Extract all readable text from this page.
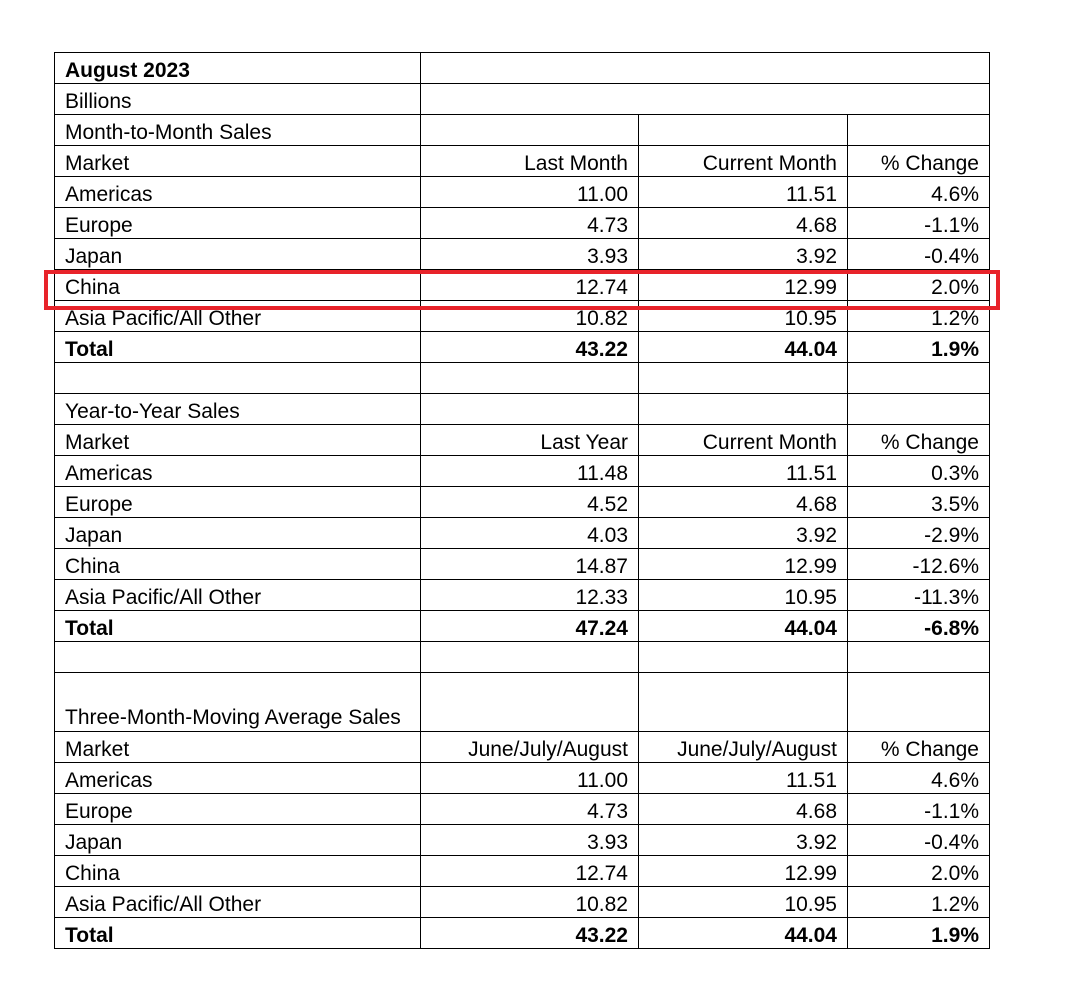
August 2023			
Billions			
Month-to-Month Sales			
Market	Last Month	Current Month	% Change
Americas	11.00	11.51	4.6%
Europe	4.73	4.68	-1.1%
Japan	3.93	3.92	-0.4%
China	12.74	12.99	2.0%
Asia Pacific/All Other	10.82	10.95	1.2%
Total	43.22	44.04	1.9%

Year-to-Year Sales			
Market	Last Year	Current Month	% Change
Americas	11.48	11.51	0.3%
Europe	4.52	4.68	3.5%
Japan	4.03	3.92	-2.9%
China	14.87	12.99	-12.6%
Asia Pacific/All Other	12.33	10.95	-11.3%
Total	47.24	44.04	-6.8%

Three-Month-Moving Average Sales			
Market	June/July/August	June/July/August	% Change
Americas	11.00	11.51	4.6%
Europe	4.73	4.68	-1.1%
Japan	3.93	3.92	-0.4%
China	12.74	12.99	2.0%
Asia Pacific/All Other	10.82	10.95	1.2%
Total	43.22	44.04	1.9%
